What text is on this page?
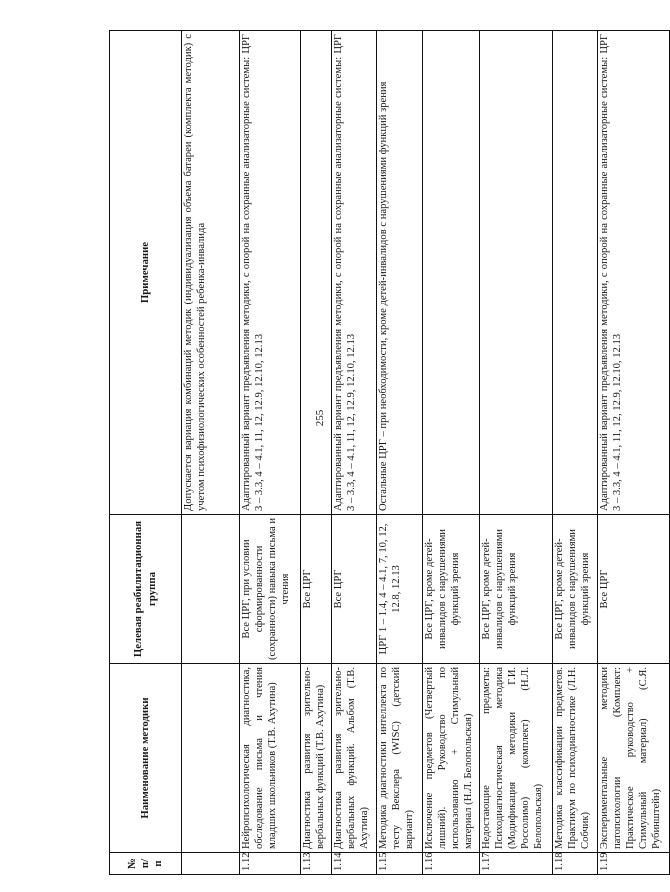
255
№ п/п	Наименование методики	Целевая реабилитационная группа	Примечание
			Допускается вариация комбинаций методик (индивидуализация объема батареи (комплекта методик) с учетом психофизиологических особенностей ребенка-инвалида
1.12	Нейропсихологическая диагностика, обследование письма и чтения младших школьников (Т.В. Ахутина)	Все ЦРГ, при условии сформированности (сохранности) навыка письма и чтения	Адаптированный вариант предъявления методики, с опорой на сохранные анализаторные системы: ЦРГ 3 – 3.3, 4 – 4.1, 11, 12, 12.9, 12.10, 12.13
1.13	Диагностика развития зрительно-вербальных функций (Т.В. Ахутина)	Все ЦРГ	
1.14	Диагностика развития зрительно-вербальных функций. Альбом (Т.В. Ахутина)	Все ЦРГ	Адаптированный вариант предъявления методики, с опорой на сохранные анализаторные системы: ЦРГ 3 – 3.3, 4 – 4.1, 11, 12, 12.9, 12.10, 12.13
1.15	Методика диагностики интеллекта по тесту Векслера (WISC) (детский вариант)	ЦРГ 1 – 1.4, 4 – 4.1, 7, 10, 12, 12.8, 12.13	Остальные ЦРГ – при необходимости, кроме детей-инвалидов с нарушениями функций зрения
1.16	Исключение предметов (Четвертый лишний). Руководство по использованию + Стимульный материал (Н.Л. Белопольская)	Все ЦРГ, кроме детей-инвалидов с нарушениями функций зрения	
1.17	Недостающие предметы: Психодиагностическая методика (Модификация методики Г.И. Россолимо) (комплект) (Н.Л. Белопольская)	Все ЦРГ, кроме детей-инвалидов с нарушениями функций зрения	
1.18	Методика классификации предметов. Практикум по психодиагностике (Л.Н. Собчик)	Все ЦРГ, кроме детей-инвалидов с нарушениями функций зрения	
1.19	Экспериментальные методики патопсихологии (Комплект: Практическое руководство + Стимульный материал) (С.Я. Рубинштейн)	Все ЦРГ	Адаптированный вариант предъявления методики, с опорой на сохранные анализаторные системы: ЦРГ 3 – 3.3, 4 – 4.1, 11, 12, 12.9, 12.10, 12.13
